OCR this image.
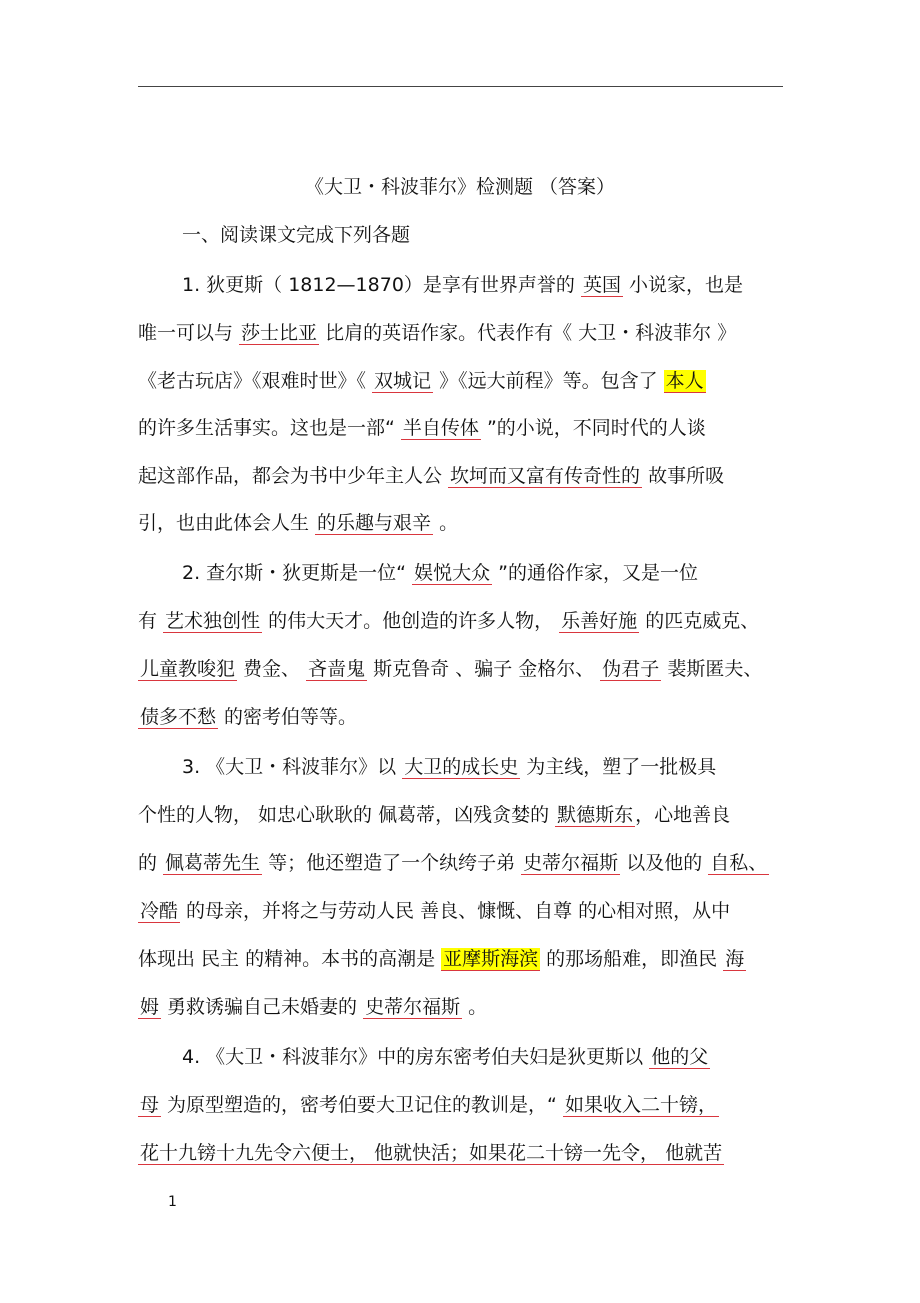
《大卫・科波菲尔》检测题 （答案）
一、阅读课文完成下列各题
1. 狄更斯（ 1812—1870）是享有世界声誉的 英国 小说家，也是
唯一可以与 莎士比亚 比肩的英语作家。代表作有《 大卫・科波菲尔 》
《老古玩店》《艰难时世》《 双城记 》《远大前程》等。包含了 本人
的许多生活事实。这也是一部“ 半自传体 ”的小说，不同时代的人谈
起这部作品，都会为书中少年主人公 坎坷而又富有传奇性的 故事所吸
引，也由此体会人生 的乐趣与艰辛 。
2. 查尔斯・狄更斯是一位“ 娱悦大众 ”的通俗作家，又是一位
有 艺术独创性 的伟大天才。他创造的许多人物， 乐善好施 的匹克威克、
儿童教唆犯 费金、 吝啬鬼 斯克鲁奇 、骗子 金格尔、 伪君子 裴斯匿夫、
债多不愁 的密考伯等等。
3. 《大卫・科波菲尔》以 大卫的成长史 为主线，塑了一批极具
个性的人物， 如忠心耿耿的 佩葛蒂，凶残贪婪的 默德斯东 ，心地善良
的 佩葛蒂先生 等；他还塑造了一个纨绔子弟 史蒂尔福斯 以及他的 自私、
冷酷 的母亲，并将之与劳动人民 善良、慷慨、自尊 的心相对照，从中
体现出 民主 的精神。本书的高潮是 亚摩斯海滨 的那场船难，即渔民 海
姆 勇救诱骗自己未婚妻的 史蒂尔福斯 。
4. 《大卫・科波菲尔》中的房东密考伯夫妇是狄更斯以 他的父
母 为原型塑造的，密考伯要大卫记住的教训是，“ 如果收入二十镑，
花十九镑十九先令六便士， 他就快活；如果花二十镑一先令， 他就苦
1
